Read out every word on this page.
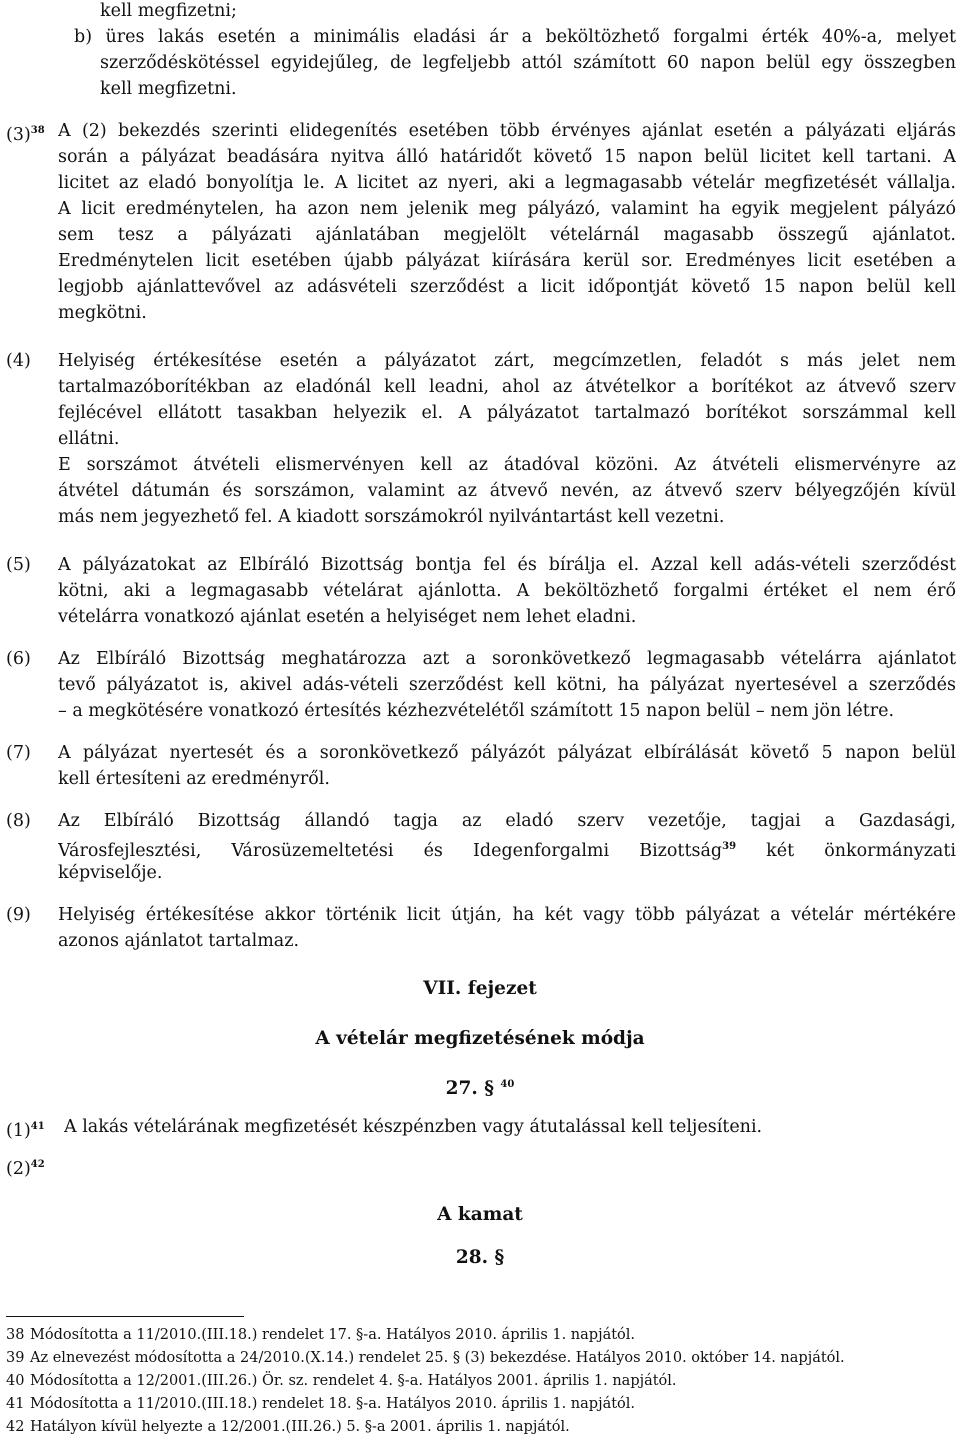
kell megfizetni;
b) üres lakás esetén a minimális eladási ár a beköltözhető forgalmi érték 40%-a, melyet
szerződéskötéssel egyidejűleg, de legfeljebb attól számított 60 napon belül egy összegben
kell megfizetni.
$(3)^{38}$ A (2) bekezdés szerinti elidegenítés esetében több érvényes ajánlat esetén a pályázati eljárás
során a pályázat beadására nyitva álló határidőt követő 15 napon belül licitet kell tartani. A
licitet az eladó bonyolítja le. A licitet az nyeri, aki a legmagasabb vételár megfizetését vállalja.
A licit eredménytelen, ha azon nem jelenik meg pályázó, valamint ha egyik megjelent pályázó
sem tesz a pályázati ajánlatában megjelölt vételárnál magasabb összegű ajánlatot.
Eredménytelen licit esetében újabb pályázat kiírására kerül sor. Eredményes licit esetében a
legjobb ajánlattevővel az adásvételi szerződést a licit időpontját követő 15 napon belül kell
megkötni.
(4) Helyiség értékesítése esetén a pályázatot zárt, megcímzetlen, feladót s más jelet nem
tartalmazóborítékban az eladónál kell leadni, ahol az átvételkor a borítékot az átvevő szerv
fejlécével ellátott tasakban helyezik el. A pályázatot tartalmazó borítékot sorszámmal kell
ellátni.
E sorszámot átvételi elismervényen kell az átadóval közöni. Az átvételi elismervényre az
átvétel dátumán és sorszámon, valamint az átvevő nevén, az átvevő szerv bélyegzőjén kívül
más nem jegyezhető fel. A kiadott sorszámokról nyilvántartást kell vezetni.
(5) A pályázatokat az Elbíráló Bizottság bontja fel és bírálja el. Azzal kell adás-vételi szerződést
kötni, aki a legmagasabb vételárat ajánlotta. A beköltözhető forgalmi értéket el nem érő
vételárra vonatkozó ajánlat esetén a helyiséget nem lehet eladni.
(6) Az Elbíráló Bizottság meghatározza azt a soronkövetkező legmagasabb vételárra ajánlatot
tevő pályázatot is, akivel adás-vételi szerződést kell kötni, ha pályázat nyertesével a szerződés
– a megkötésére vonatkozó értesítés kézhezvételétől számított 15 napon belül – nem jön létre.
(7) A pályázat nyertesét és a soronkövetkező pályázót pályázat elbírálását követő 5 napon belül
kell értesíteni az eredményről.
(8) Az Elbíráló Bizottság állandó tagja az eladó szerv vezetője, tagjai a Gazdasági,
Városfejlesztési, Városüzemeltetési és Idegenforgalmi Bizottság$^{39}$ két önkormányzati
képviselője.
(9) Helyiség értékesítése akkor történik licit útján, ha két vagy több pályázat a vételár mértékére
azonos ajánlatot tartalmaz.
VII. fejezet
A vételár megfizetésének módja
27. § $^{40}$
$(1)^{41}$ A lakás vételárának megfizetését készpénzben vagy átutalással kell teljesíteni.
$(2)^{42}$
A kamat
28. §
38 Módosította a 11/2010.(III.18.) rendelet 17. §-a. Hatályos 2010. április 1. napjától.
39 Az elnevezést módosította a 24/2010.(X.14.) rendelet 25. § (3) bekezdése. Hatályos 2010. október 14. napjától.
40 Módosította a 12/2001.(III.26.) Ör. sz. rendelet 4. §-a. Hatályos 2001. április 1. napjától.
41 Módosította a 11/2010.(III.18.) rendelet 18. §-a. Hatályos 2010. április 1. napjától.
42 Hatályon kívül helyezte a 12/2001.(III.26.) 5. §-a 2001. április 1. napjától.
